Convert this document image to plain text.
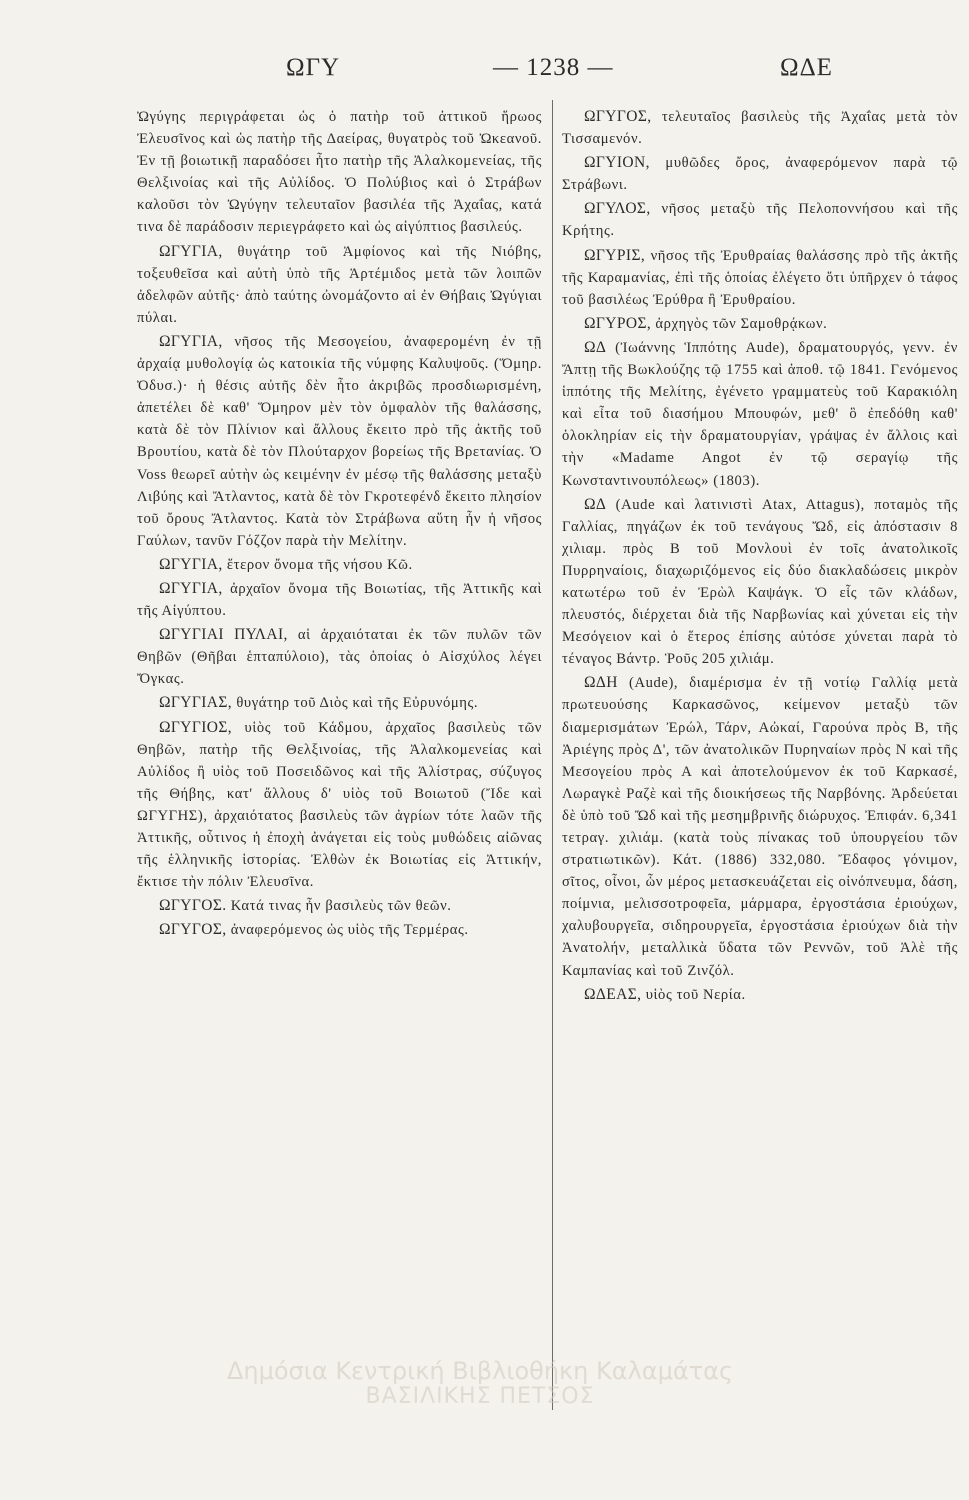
ΩΓΥ	— 1238 —	ΩΔΕ

Ὠγύγης περιγράφεται ὡς ὁ πατὴρ τοῦ ἀττικοῦ ἥρωος Ἐλευσῖνος καὶ ὡς πατὴρ τῆς Δαείρας, θυγατρὸς τοῦ Ὠκεανοῦ. Ἐν τῇ βοιωτικῇ παραδόσει ἦτο πατὴρ τῆς Ἀλαλκομενείας, τῆς Θελξινοίας καὶ τῆς Αὐλίδος. Ὁ Πολύβιος καὶ ὁ Στράβων καλοῦσι τὸν Ὠγύγην τελευταῖον βασιλέα τῆς Ἀχαΐας, κατά τινα δὲ παράδοσιν περιεγράφετο καὶ ὡς αἰγύπτιος βασιλεύς.

ΩΓΥΓΙΑ, θυγάτηρ τοῦ Ἀμφίονος καὶ τῆς Νιόβης, τοξευθεῖσα καὶ αὐτὴ ὑπὸ τῆς Ἀρτέμιδος μετὰ τῶν λοιπῶν ἀδελφῶν αὐτῆς· ἀπὸ ταύτης ὠνομάζοντο αἱ ἐν Θήβαις Ὠγύγιαι πύλαι.

ΩΓΥΓΙΑ, νῆσος τῆς Μεσογείου, ἀναφερομένη ἐν τῇ ἀρχαίᾳ μυθολογίᾳ ὡς κατοικία τῆς νύμφης Καλυψοῦς. (Ὅμηρ. Ὀδυσ.)· ἡ θέσις αὐτῆς δὲν ἦτο ἀκριβῶς προσδιωρισμένη, ἀπετέλει δὲ καθ' Ὅμηρον μὲν τὸν ὀμφαλὸν τῆς θαλάσσης, κατὰ δὲ τὸν Πλίνιον καὶ ἄλλους ἔκειτο πρὸ τῆς ἀκτῆς τοῦ Βρουτίου, κατὰ δὲ τὸν Πλούταρχον βορείως τῆς Βρετανίας. Ὁ Voss θεωρεῖ αὐτὴν ὡς κειμένην ἐν μέσῳ τῆς θαλάσσης μεταξὺ Λιβύης καὶ Ἄτλαντος, κατὰ δὲ τὸν Γκροτεφένδ ἔκειτο πλησίον τοῦ ὄρους Ἄτλαντος. Κατὰ τὸν Στράβωνα αὕτη ἦν ἡ νῆσος Γαύλων, τανῦν Γόζζον παρὰ τὴν Μελίτην.

ΩΓΥΓΙΑ, ἕτερον ὄνομα τῆς νήσου Κῶ.

ΩΓΥΓΙΑ, ἀρχαῖον ὄνομα τῆς Βοιωτίας, τῆς Ἀττικῆς καὶ τῆς Αἰγύπτου.

ΩΓΥΓΙΑΙ ΠΥΛΑΙ, αἱ ἀρχαιόταται ἐκ τῶν πυλῶν τῶν Θηβῶν (Θῆβαι ἑπταπύλοιο), τὰς ὁποίας ὁ Αἰσχύλος λέγει Ὄγκας.

ΩΓΥΓΙΑΣ, θυγάτηρ τοῦ Διὸς καὶ τῆς Εὐρυνόμης.

ΩΓΥΓΙΟΣ, υἱὸς τοῦ Κάδμου, ἀρχαῖος βασιλεὺς τῶν Θηβῶν, πατὴρ τῆς Θελξινοίας, τῆς Ἀλαλκομενείας καὶ Αὐλίδος ἢ υἱὸς τοῦ Ποσειδῶνος καὶ τῆς Ἀλίστρας, σύζυγος τῆς Θήβης, κατ' ἄλλους δ' υἱὸς τοῦ Βοιωτοῦ (Ἴδε καὶ ΩΓΥΓΗΣ), ἀρχαιότατος βασιλεὺς τῶν ἀγρίων τότε λαῶν τῆς Ἀττικῆς, οὗτινος ἡ ἐποχὴ ἀνάγεται εἰς τοὺς μυθώδεις αἰῶνας τῆς ἑλληνικῆς ἱστορίας. Ἐλθὼν ἐκ Βοιωτίας εἰς Ἀττικήν, ἔκτισε τὴν πόλιν Ἐλευσῖνα.

ΩΓΥΓΟΣ. Κατά τινας ἦν βασιλεὺς τῶν θεῶν.

ΩΓΥΓΟΣ, ἀναφερόμενος ὡς υἱὸς τῆς Τερμέρας.

ΩΓΥΓΟΣ, τελευταῖος βασιλεὺς τῆς Ἀχαΐας μετὰ τὸν Τισσαμενόν.

ΩΓΥΙΟΝ, μυθῶδες ὄρος, ἀναφερόμενον παρὰ τῷ Στράβωνι.

ΩΓΥΛΟΣ, νῆσος μεταξὺ τῆς Πελοποννήσου καὶ τῆς Κρήτης.

ΩΓΥΡΙΣ, νῆσος τῆς Ἐρυθραίας θαλάσσης πρὸ τῆς ἀκτῆς τῆς Καραμανίας, ἐπὶ τῆς ὁποίας ἐλέγετο ὅτι ὑπῆρχεν ὁ τάφος τοῦ βασιλέως Ἐρύθρα ἢ Ἐρυθραίου.

ΩΓΥΡΟΣ, ἀρχηγὸς τῶν Σαμοθρᾴκων.

ΩΔ (Ἰωάννης Ἱππότης Aude), δραματουργός, γενν. ἐν Ἄπτῃ τῆς Βωκλούζης τῷ 1755 καὶ ἀποθ. τῷ 1841. Γενόμενος ἱππότης τῆς Μελίτης, ἐγένετο γραμματεὺς τοῦ Καρακιόλη καὶ εἶτα τοῦ διασήμου Μπουφών, μεθ' ὃ ἐπεδόθη καθ' ὁλοκληρίαν εἰς τὴν δραματουργίαν, γράψας ἐν ἄλλοις καὶ τὴν «Madame Angot ἐν τῷ σεραγίῳ τῆς Κωνσταντινουπόλεως» (1803).

ΩΔ (Aude καὶ λατινιστὶ Atax, Attagus), ποταμὸς τῆς Γαλλίας, πηγάζων ἐκ τοῦ τενάγους Ὤδ, εἰς ἀπόστασιν 8 χιλιαμ. πρὸς Β τοῦ Μονλουὶ ἐν τοῖς ἀνατολικοῖς Πυρρηναίοις, διαχωριζόμενος εἰς δύο διακλαδώσεις μικρὸν κατωτέρω τοῦ ἐν Ἐρὼλ Καψάγκ. Ὁ εἷς τῶν κλάδων, πλευστός, διέρχεται διὰ τῆς Ναρβωνίας καὶ χύνεται εἰς τὴν Μεσόγειον καὶ ὁ ἕτερος ἐπίσης αὐτόσε χύνεται παρὰ τὸ τέναγος Βάντρ. Ῥοῦς 205 χιλιάμ.

ΩΔΗ (Aude), διαμέρισμα ἐν τῇ νοτίῳ Γαλλίᾳ μετὰ πρωτευούσης Καρκασῶνος, κείμενον μεταξὺ τῶν διαμερισμάτων Ἐρώλ, Τάρν, Αὠκαί, Γαρούνα πρὸς Β, τῆς Ἀριέγης πρὸς Δ', τῶν ἀνατολικῶν Πυρηναίων πρὸς Ν καὶ τῆς Μεσογείου πρὸς Α καὶ ἀποτελούμενον ἐκ τοῦ Καρκασέ, Λωραγκὲ Ραζὲ καὶ τῆς διοικήσεως τῆς Ναρβόνης. Ἀρδεύεται δὲ ὑπὸ τοῦ Ὤδ καὶ τῆς μεσημβρινῆς διώρυχος. Ἐπιφάν. 6,341 τετραγ. χιλιάμ. (κατὰ τοὺς πίνακας τοῦ ὑπουργείου τῶν στρατιωτικῶν). Κάτ. (1886) 332,080. Ἔδαφος γόνιμον, σῖτος, οἶνοι, ὧν μέρος μετασκευάζεται εἰς οἰνόπνευμα, δάση, ποίμνια, μελισσοτροφεῖα, μάρμαρα, ἐργοστάσια ἐριούχων, χαλυβουργεῖα, σιδηρουργεῖα, ἐργοστάσια ἐριούχων διὰ τὴν Ἀνατολήν, μεταλλικὰ ὕδατα τῶν Ρεννῶν, τοῦ Ἀλὲ τῆς Καμπανίας καὶ τοῦ Ζινζόλ.

ΩΔΕΑΣ, υἱὸς τοῦ Νερία.

Δημόσια Κεντρική Βιβλιοθήκη Καλαμάτας
ΒΑΣΙΛΙΚΗΣ ΠΕΤΣΟΣ
